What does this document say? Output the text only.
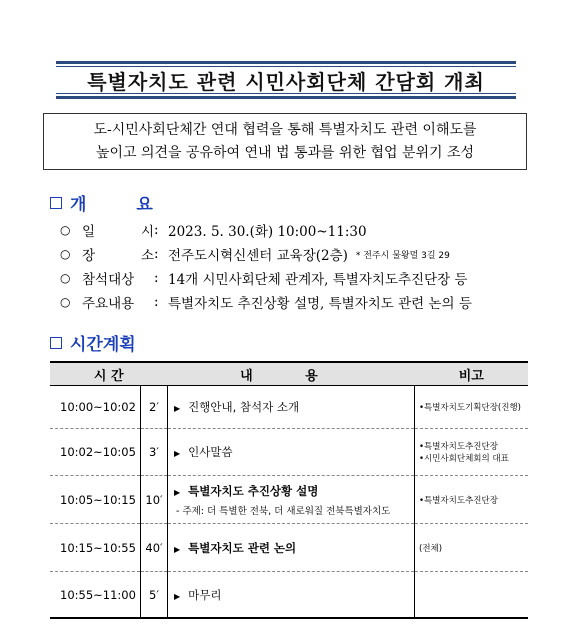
특별자치도 관련 시민사회단체 간담회 개최
도-시민사회단체간 연대 협력을 통해 특별자치도 관련 이해도를
높이고 의견을 공유하여 연내 법 통과를 위한 협업 분위기 조성
개 요
○ 일	시 : 2023. 5. 30.(화) 10:00~11:30
○ 장	소 : 전주도시혁신센터 교육장(2층) * 전주시 물왕멀 3길 29
○ 참석대상 : 14개 시민사회단체 관계자, 특별자치도추진단장 등
○ 주요내용 : 특별자치도 추진상황 설명, 특별자치도 관련 논의 등
시간계획
시 간		내 용	비고
10:00~10:02	2′	▶ 진행안내, 참석자 소개	•특별자치도기획단장(진행)

10:02~10:05	3′	▶ 인사말씀	•특별자치도추진단장
•시민사회단체회의 대표

10:05~10:15	10′	▶ 특별자치도 추진상황 설명
- 주제: 더 특별한 전북, 더 새로워질 전북특별자치도	•특별자치도추진단장

10:15~10:55	40′	▶ 특별자치도 관련 논의	(전체)

10:55~11:00	5′	▶ 마무리	
